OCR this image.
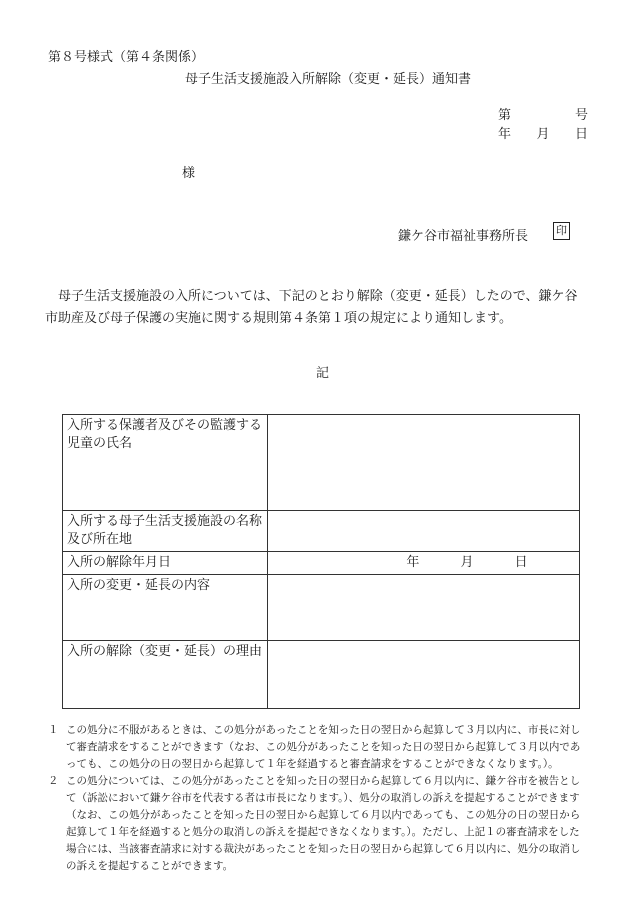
第８号様式（第４条関係）
母子生活支援施設入所解除（変更・延長）通知書
第	号
年 月 日
様
鎌ケ谷市福祉事務所長	印
母子生活支援施設の入所については、下記のとおり解除（変更・延長）したので、鎌ケ谷市助産及び母子保護の実施に関する規則第４条第１項の規定により通知します。
記
入所する保護者及びその監護する児童の氏名	
入所する母子生活支援施設の名称及び所在地	
入所の解除年月日	年 月 日
入所の変更・延長の内容	
入所の解除（変更・延長）の理由	
１ この処分に不服があるときは、この処分があったことを知った日の翌日から起算して３月以内に、市長に対して審査請求をすることができます（なお、この処分があったことを知った日の翌日から起算して３月以内であっても、この処分の日の翌日から起算して１年を経過すると審査請求をすることができなくなります。）。
２ この処分については、この処分があったことを知った日の翌日から起算して６月以内に、鎌ケ谷市を被告として（訴訟において鎌ケ谷市を代表する者は市長になります。）、処分の取消しの訴えを提起することができます（なお、この処分があったことを知った日の翌日から起算して６月以内であっても、この処分の日の翌日から起算して１年を経過すると処分の取消しの訴えを提起できなくなります。）。ただし、上記１の審査請求をした場合には、当該審査請求に対する裁決があったことを知った日の翌日から起算して６月以内に、処分の取消しの訴えを提起することができます。
